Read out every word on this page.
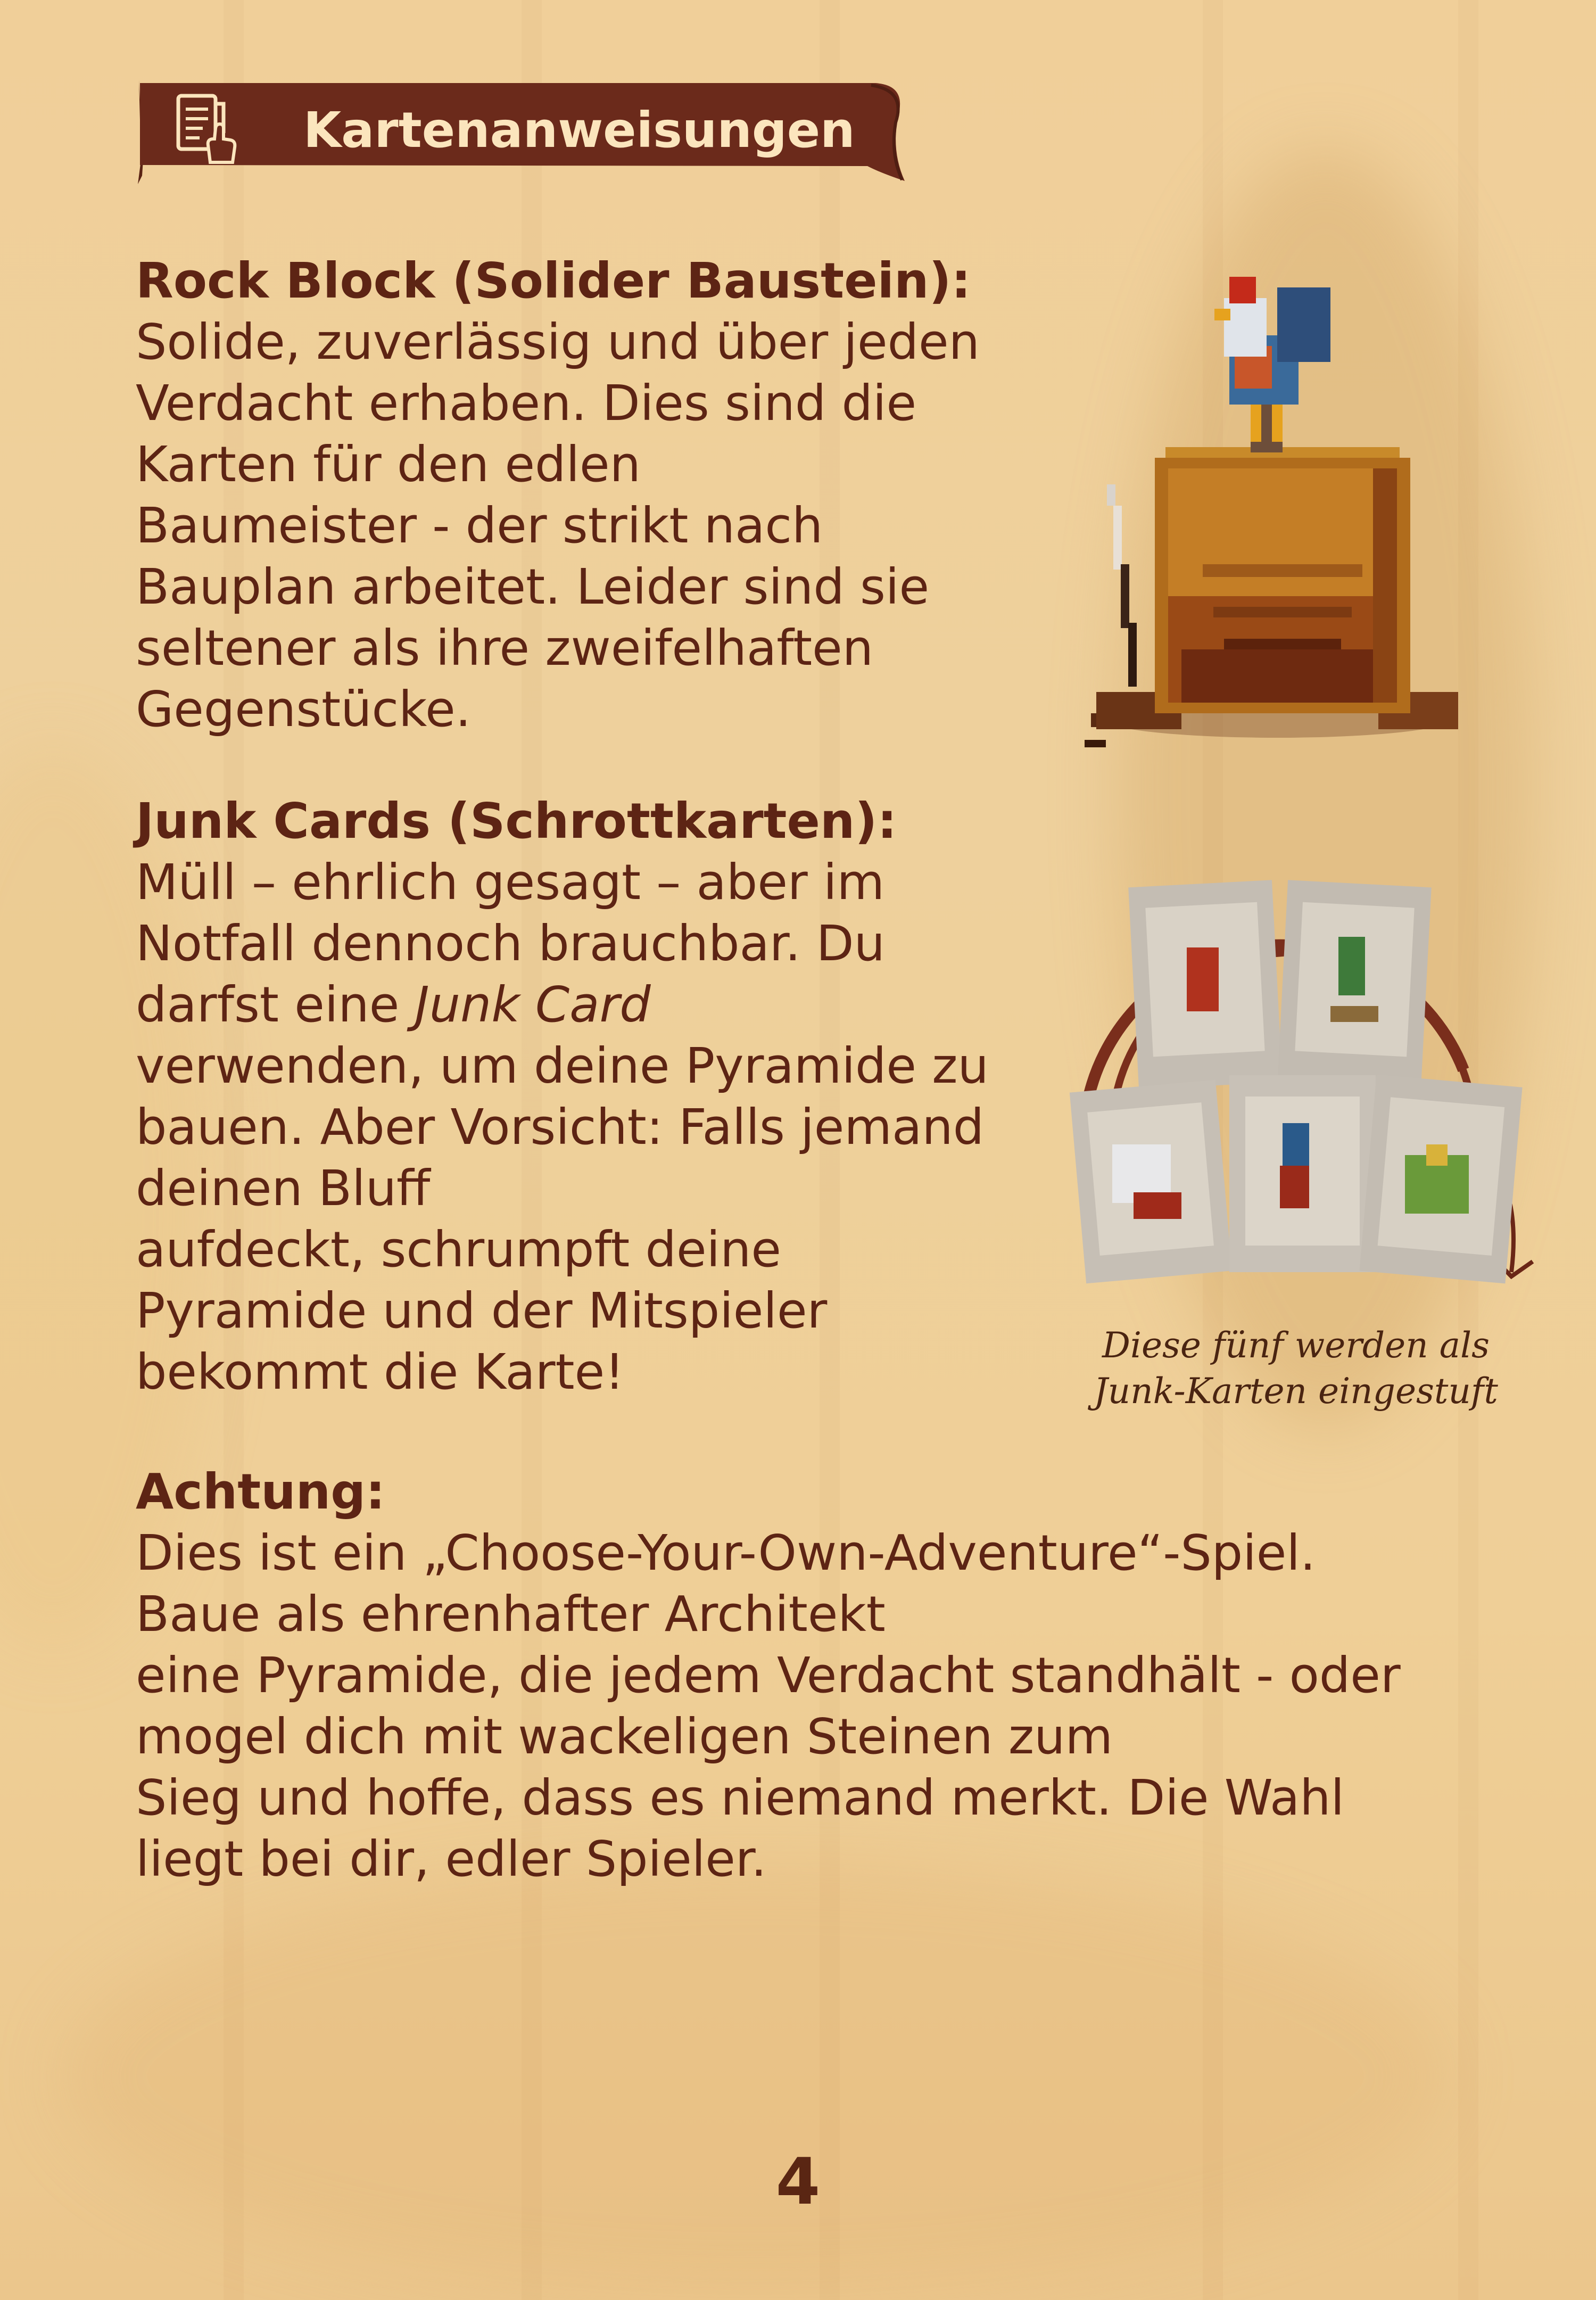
Kartenanweisungen

Rock Block (Solider Baustein):

Solide, zuverlässig und über jeden

Verdacht erhaben. Dies sind die

Karten für den edlen

Baumeister - der strikt nach

Bauplan arbeitet. Leider sind sie

seltener als ihre zweifelhaften

Gegenstücke.

Junk Cards (Schrottkarten):

Müll – ehrlich gesagt – aber im

Notfall dennoch brauchbar. Du

darfst eine Junk Card

verwenden, um deine Pyramide zu

bauen. Aber Vorsicht: Falls jemand

deinen Bluff

aufdeckt, schrumpft deine

Pyramide und der Mitspieler

bekommt die Karte!

Achtung:

Dies ist ein „Choose-Your-Own-Adventure“-Spiel.

Baue als ehrenhafter Architekt

eine Pyramide, die jedem Verdacht standhält - oder

mogel dich mit wackeligen Steinen zum

Sieg und hoffe, dass es niemand merkt. Die Wahl

liegt bei dir, edler Spieler.

Diese fünf werden als
Junk-Karten eingestuft
4
